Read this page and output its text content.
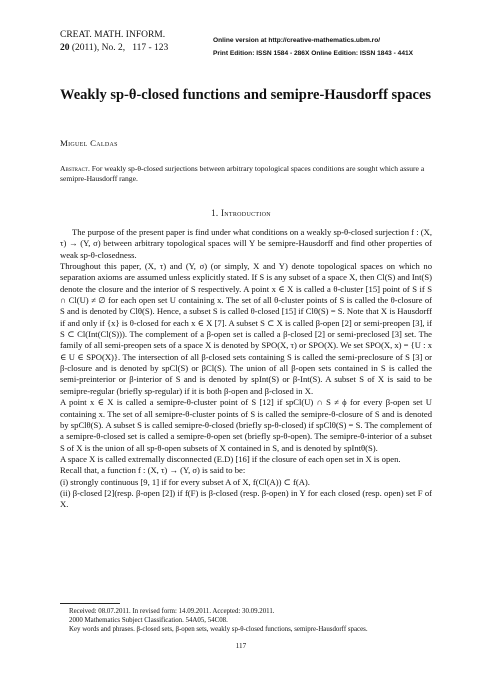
CREAT. MATH. INFORM.
20 (2011), No. 2, 117 - 123
Online version at http://creative-mathematics.ubm.ro/
Print Edition: ISSN 1584 - 286X Online Edition: ISSN 1843 - 441X
Weakly sp-θ-closed functions and semipre-Hausdorff spaces
Miguel Caldas
Abstract. For weakly sp-θ-closed surjections between arbitrary topological spaces conditions are sought which assure a semipre-Hausdorff range.
1. Introduction

The purpose of the present paper is find under what conditions on a weakly sp-θ-closed surjection f : (X, τ) → (Y, σ) between arbitrary topological spaces will Y be semipre-Hausdorff and find other properties of weak sp-θ-closedness.

Throughout this paper, (X, τ) and (Y, σ) (or simply, X and Y) denote topological spaces on which no separation axioms are assumed unless explicitly stated. If S is any subset of a space X, then Cl(S) and Int(S) denote the closure and the interior of S respectively. A point x ∈ X is called a θ-cluster [15] point of S if S ∩ Cl(U) ≠ ∅ for each open set U containing x. The set of all θ-cluster points of S is called the θ-closure of S and is denoted by Clθ(S). Hence, a subset S is called θ-closed [15] if Clθ(S) = S. Note that X is Hausdorff if and only if {x} is θ-closed for each x ∈ X [7]. A subset S ⊂ X is called β-open [2] or semi-preopen [3], if S ⊂ Cl(Int(Cl(S))). The complement of a β-open set is called a β-closed [2] or semi-preclosed [3] set. The family of all semi-preopen sets of a space X is denoted by SPO(X, τ) or SPO(X). We set SPO(X, x) = {U : x ∈ U ∈ SPO(X)}. The intersection of all β-closed sets containing S is called the semi-preclosure of S [3] or β-closure and is denoted by spCl(S) or βCl(S). The union of all β-open sets contained in S is called the semi-preinterior or β-interior of S and is denoted by spInt(S) or β-Int(S). A subset S of X is said to be semipre-regular (briefly sp-regular) if it is both β-open and β-closed in X.

A point x ∈ X is called a semipre-θ-cluster point of S [12] if spCl(U) ∩ S ≠ ϕ for every β-open set U containing x. The set of all semipre-θ-cluster points of S is called the semipre-θ-closure of S and is denoted by spClθ(S). A subset S is called semipre-θ-closed (briefly sp-θ-closed) if spClθ(S) = S. The complement of a semipre-θ-closed set is called a semipre-θ-open set (briefly sp-θ-open). The semipre-θ-interior of a subset S of X is the union of all sp-θ-open subsets of X contained in S, and is denoted by spIntθ(S).

A space X is called extremally disconnected (E.D) [16] if the closure of each open set in X is open.

Recall that, a function f : (X, τ) → (Y, σ) is said to be:

(i) strongly continuous [9, 1] if for every subset A of X, f(Cl(A)) ⊂ f(A).

(ii) β-closed [2](resp. β-open [2]) if f(F) is β-closed (resp. β-open) in Y for each closed (resp. open) set F of X.

Received: 08.07.2011. In revised form: 14.09.2011. Accepted: 30.09.2011.

2000 Mathematics Subject Classification. 54A05, 54C08.

Key words and phrases. β-closed sets, β-open sets, weakly sp-θ-closed functions, semipre-Hausdorff spaces.

117
